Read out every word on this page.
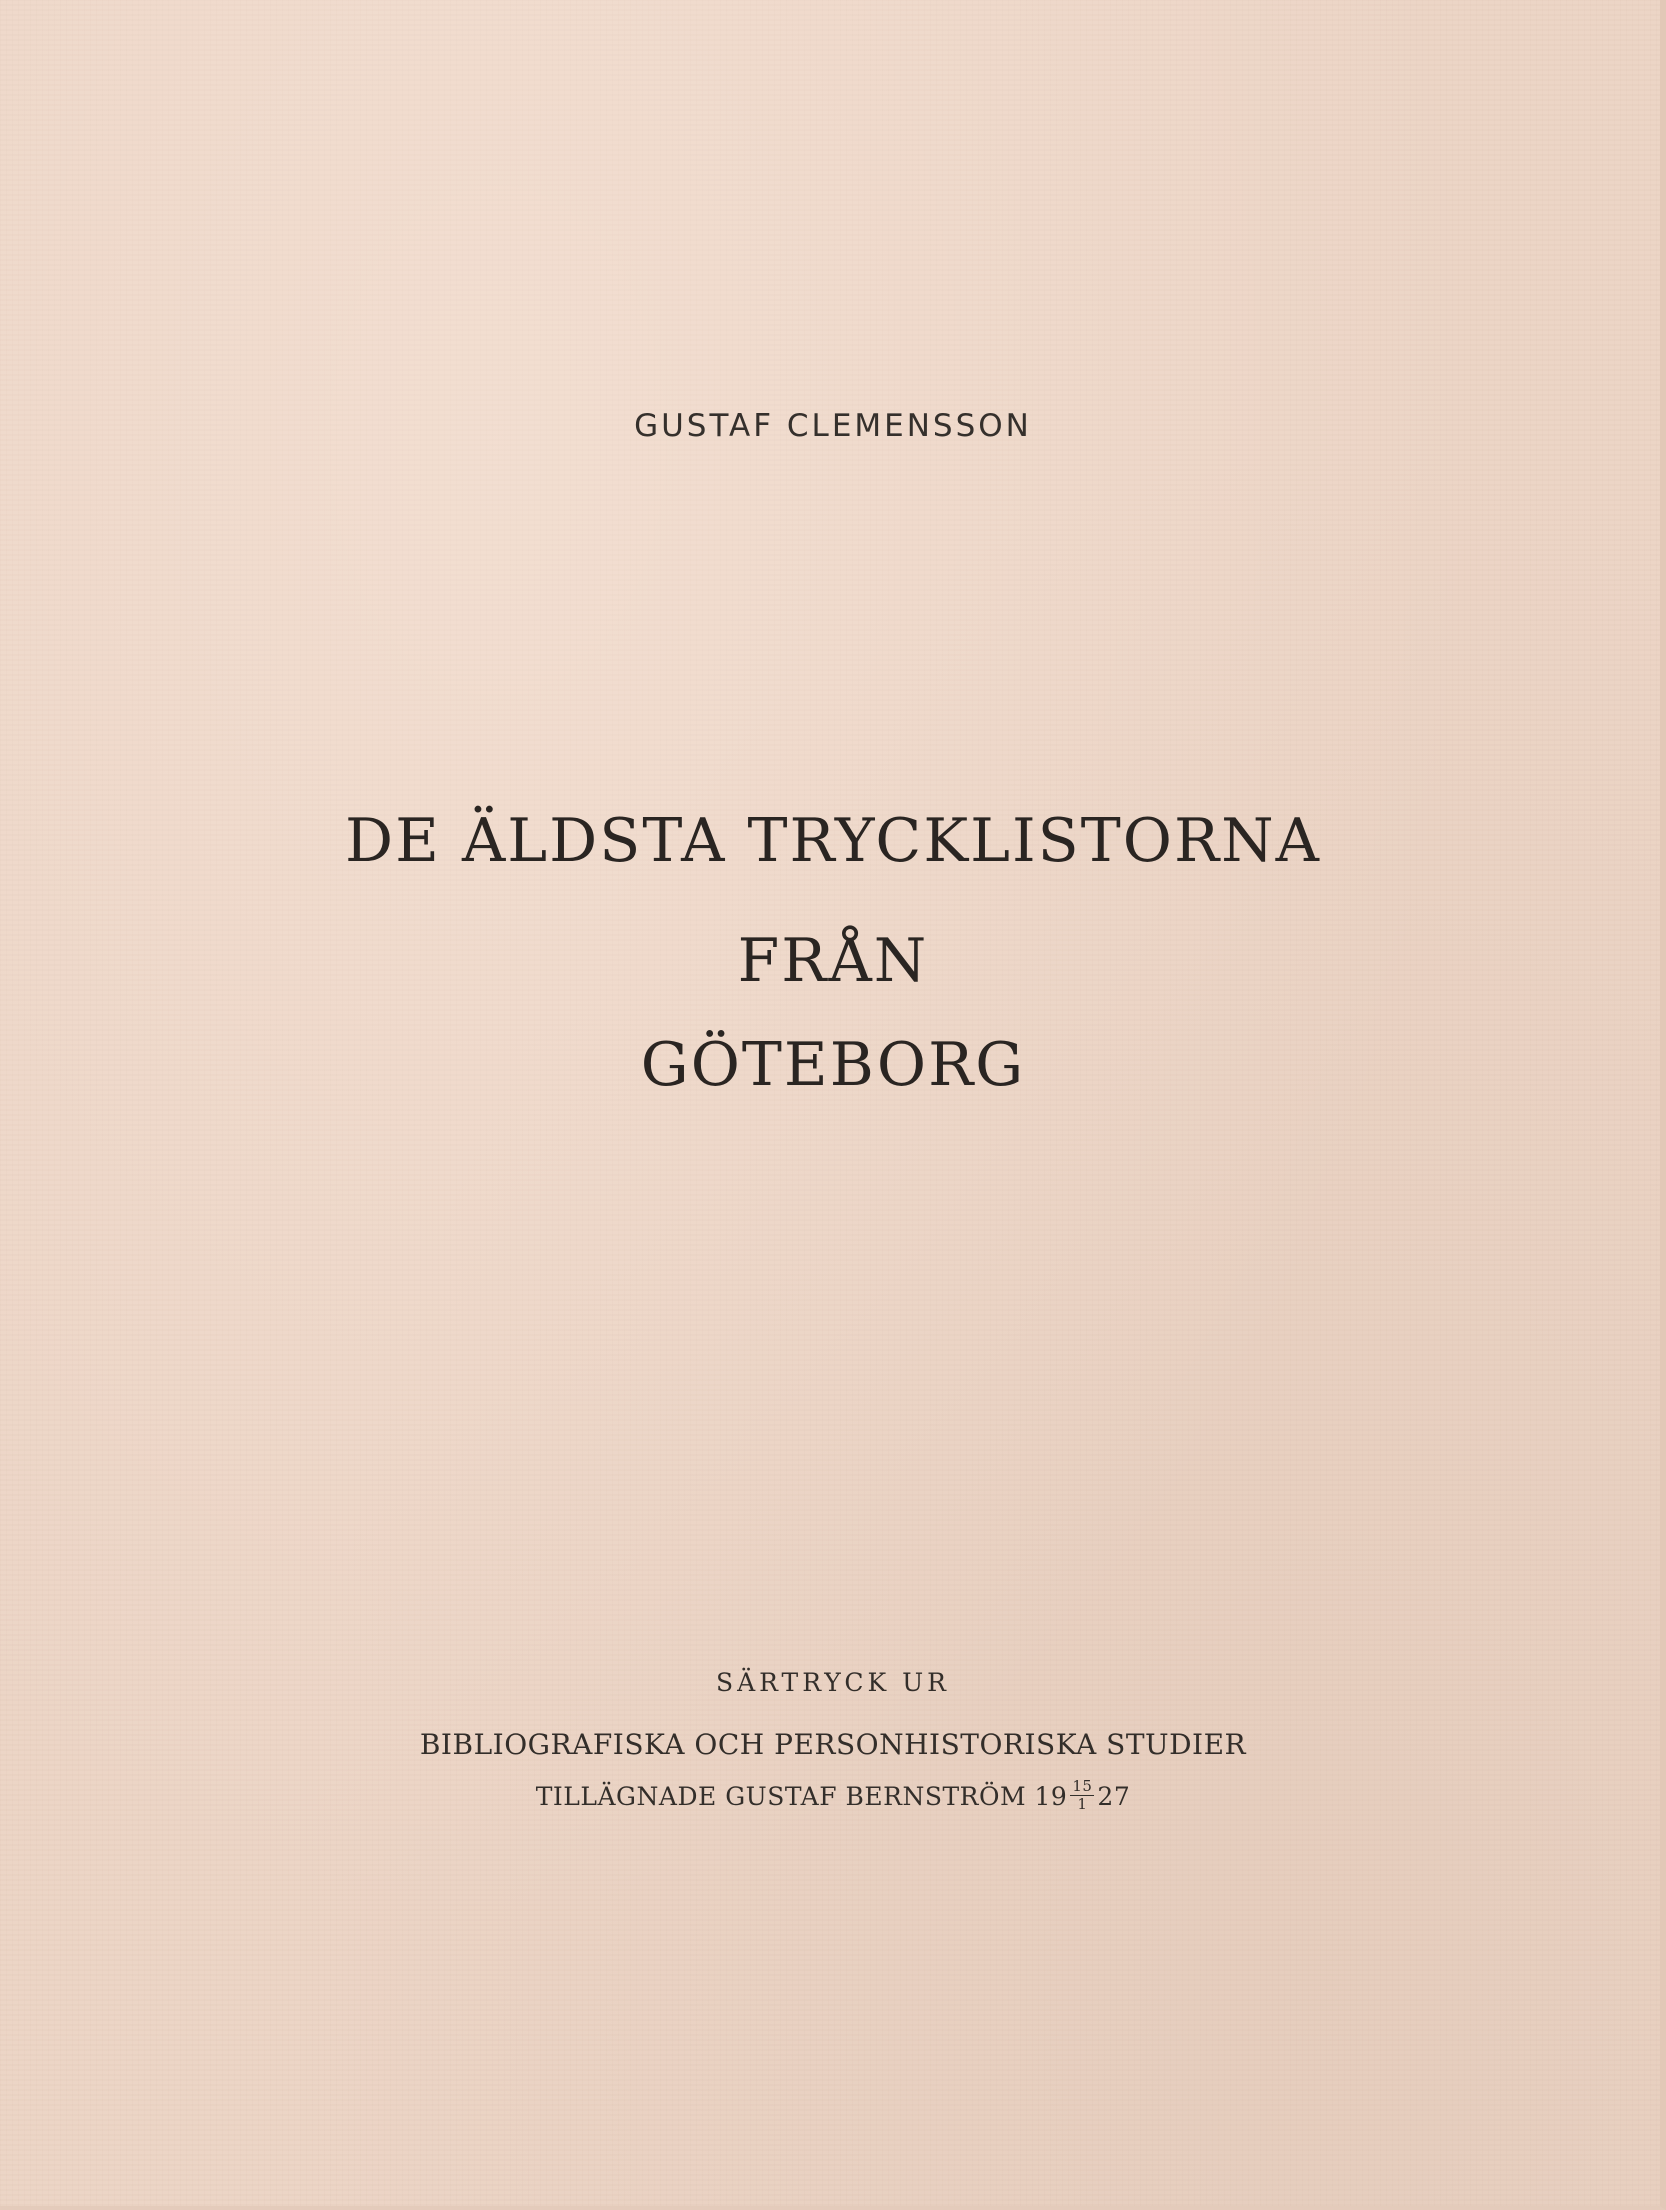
GUSTAF CLEMENSSON

DE ÄLDSTA TRYCKLISTORNA
FRÅN
GÖTEBORG

SÄRTRYCK UR

BIBLIOGRAFISKA OCH PERSONHISTORISKA STUDIER

TILLÄGNADE GUSTAF BERNSTRÖM $19 \frac{15}{1} 27$
